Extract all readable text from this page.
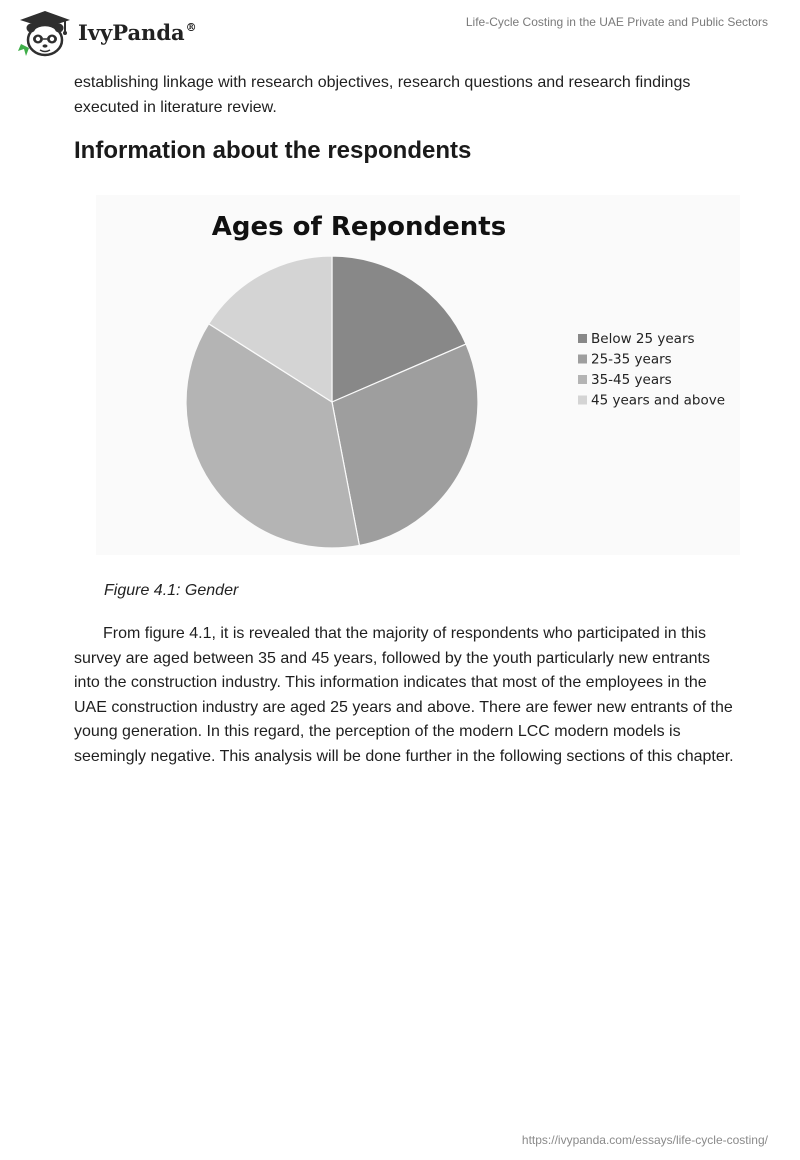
IvyPanda®	Life-Cycle Costing in the UAE Private and Public Sectors

establishing linkage with research objectives, research questions and research findings executed in literature review.

Information about the respondents
Ages of Repondents
Below 25 years
25-35 years
35-45 years
45 years and above

Figure 4.1: Gender

From figure 4.1, it is revealed that the majority of respondents who participated in this survey are aged between 35 and 45 years, followed by the youth particularly new entrants into the construction industry. This information indicates that most of the employees in the UAE construction industry are aged 25 years and above. There are fewer new entrants of the young generation. In this regard, the perception of the modern LCC modern models is seemingly negative. This analysis will be done further in the following sections of this chapter.

https://ivypanda.com/essays/life-cycle-costing/
